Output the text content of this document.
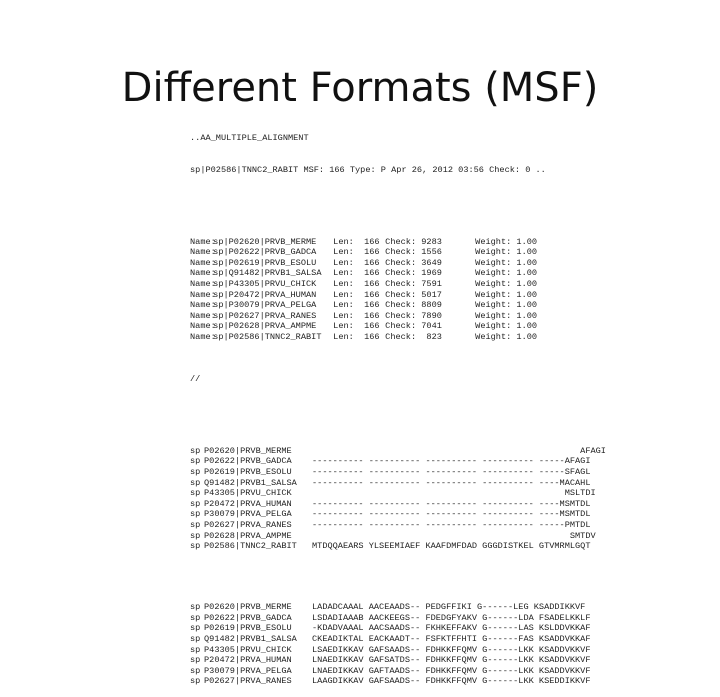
Different Formats (MSF)

..AA_MULTIPLE_ALIGNMENT

sp|P02586|TNNC2_RABIT MSF: 166 Type: P Apr 26, 2012 03:56 Check: 0 ..

Name: sp|P02620|PRVB_MERME Len:  166 Check: 9283	Weight: 1.00
Name: sp|P02622|PRVB_GADCA Len:  166 Check: 1556	Weight: 1.00
Name: sp|P02619|PRVB_ESOLU Len:  166 Check: 3649	Weight: 1.00
Name: sp|Q91482|PRVB1_SALSA Len:  166 Check: 1969	Weight: 1.00
Name: sp|P43305|PRVU_CHICK Len:  166 Check: 7591	Weight: 1.00
Name: sp|P20472|PRVA_HUMAN Len:  166 Check: 5017	Weight: 1.00
Name: sp|P30079|PRVA_PELGA Len:  166 Check: 8809	Weight: 1.00
Name: sp|P02627|PRVA_RANES Len:  166 Check: 7890	Weight: 1.00
Name: sp|P02628|PRVA_AMPME Len:  166 Check: 7041	Weight: 1.00
Name: sp|P02586|TNNC2_RABIT Len:  166 Check:  823	Weight: 1.00

//

sp P02620|PRVB_MERME                                                    AFAGI
sp P02622|PRVB_GADCA ---------- ---------- ---------- ---------- -----AFAGI
sp P02619|PRVB_ESOLU ---------- ---------- ---------- ---------- -----SFAGL
sp Q91482|PRVB1_SALSA ---------- ---------- ---------- ---------- ----MACAHL
sp P43305|PRVU_CHICK                                                 MSLTDI
sp P20472|PRVA_HUMAN ---------- ---------- ---------- ---------- ----MSMTDL
sp P30079|PRVA_PELGA ---------- ---------- ---------- ---------- ----MSMTDL
sp P02627|PRVA_RANES ---------- ---------- ---------- ---------- -----PMTDL
sp P02628|PRVA_AMPME                                                  SMTDV
sp P02586|TNNC2_RABIT MTDQQAEARS YLSEEMIAEF KAAFDMFDAD GGGDISTKEL GTVMRMLGQT

sp P02620|PRVB_MERME LADADCAAAL AACEAADS-- PEDGFFIKI G------LEG KSADDIKKVF
sp P02622|PRVB_GADCA LSDADIAAAB AACKEEGS-- FDEDGFYAKV G------LDA FSADELKKLF
sp P02619|PRVB_ESOLU -KDADVAAAL AACSAADS-- FKHKEFFAKV G------LAS KSLDDVKKAF
sp Q91482|PRVB1_SALSA CKEADIKTAL EACKAADT-- FSFKTFFHTI G------FAS KSADDVKKAF
sp P43305|PRVU_CHICK LSAEDIKKAV GAFSAADS-- FDHKKFFQMV G------LKK KSADDVKKVF
sp P20472|PRVA_HUMAN LNAEDIKKAV GAFSATDS-- FDHKKFFQMV G------LKK KSADDVKKVF
sp P30079|PRVA_PELGA LNAEDIKKAV GAFTAADS-- FDHKKFFQMV G------LKK KSADDVKKVF
sp P02627|PRVA_RANES LAAGDIKKAV GAFSAADS-- FDHKKFFQMV G------LKK KSEDDIKKVF
